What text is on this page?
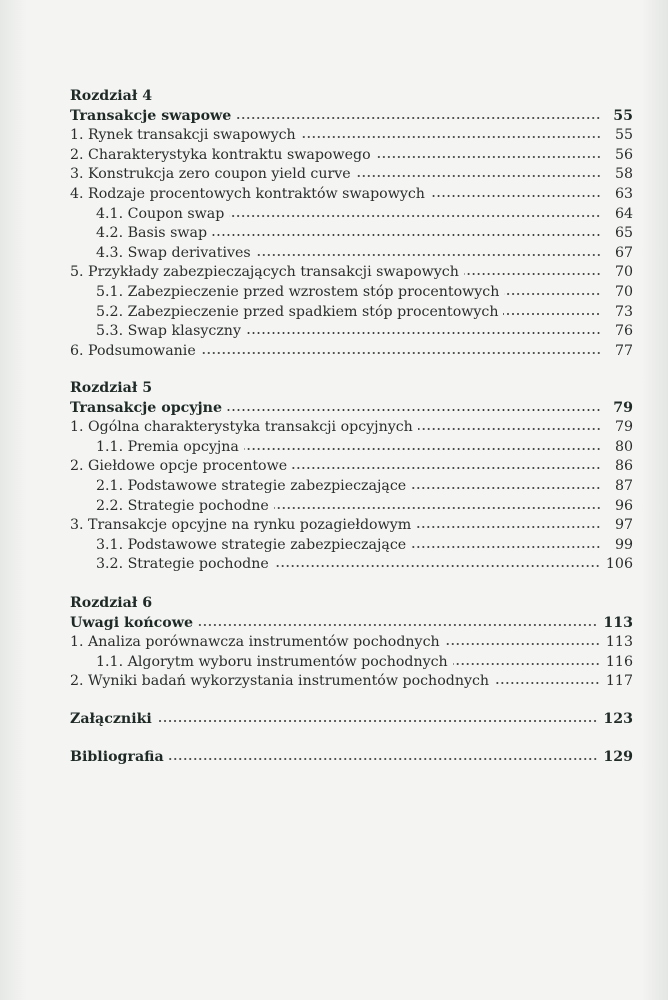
Rozdział 4
Transakcje swapowe	55
1. Rynek transakcji swapowych	55
2. Charakterystyka kontraktu swapowego	56
3. Konstrukcja zero coupon yield curve	58
4. Rodzaje procentowych kontraktów swapowych	63
4.1. Coupon swap	64
4.2. Basis swap	65
4.3. Swap derivatives	67
5. Przykłady zabezpieczających transakcji swapowych	70
5.1. Zabezpieczenie przed wzrostem stóp procentowych	70
5.2. Zabezpieczenie przed spadkiem stóp procentowych	73
5.3. Swap klasyczny	76
6. Podsumowanie	77
Rozdział 5
Transakcje opcyjne	79
1. Ogólna charakterystyka transakcji opcyjnych	79
1.1. Premia opcyjna	80
2. Giełdowe opcje procentowe	86
2.1. Podstawowe strategie zabezpieczające	87
2.2. Strategie pochodne	96
3. Transakcje opcyjne na rynku pozagiełdowym	97
3.1. Podstawowe strategie zabezpieczające	99
3.2. Strategie pochodne	106
Rozdział 6
Uwagi końcowe	113
1. Analiza porównawcza instrumentów pochodnych	113
1.1. Algorytm wyboru instrumentów pochodnych	116
2. Wyniki badań wykorzystania instrumentów pochodnych	117
Załączniki	123
Bibliografia	129
